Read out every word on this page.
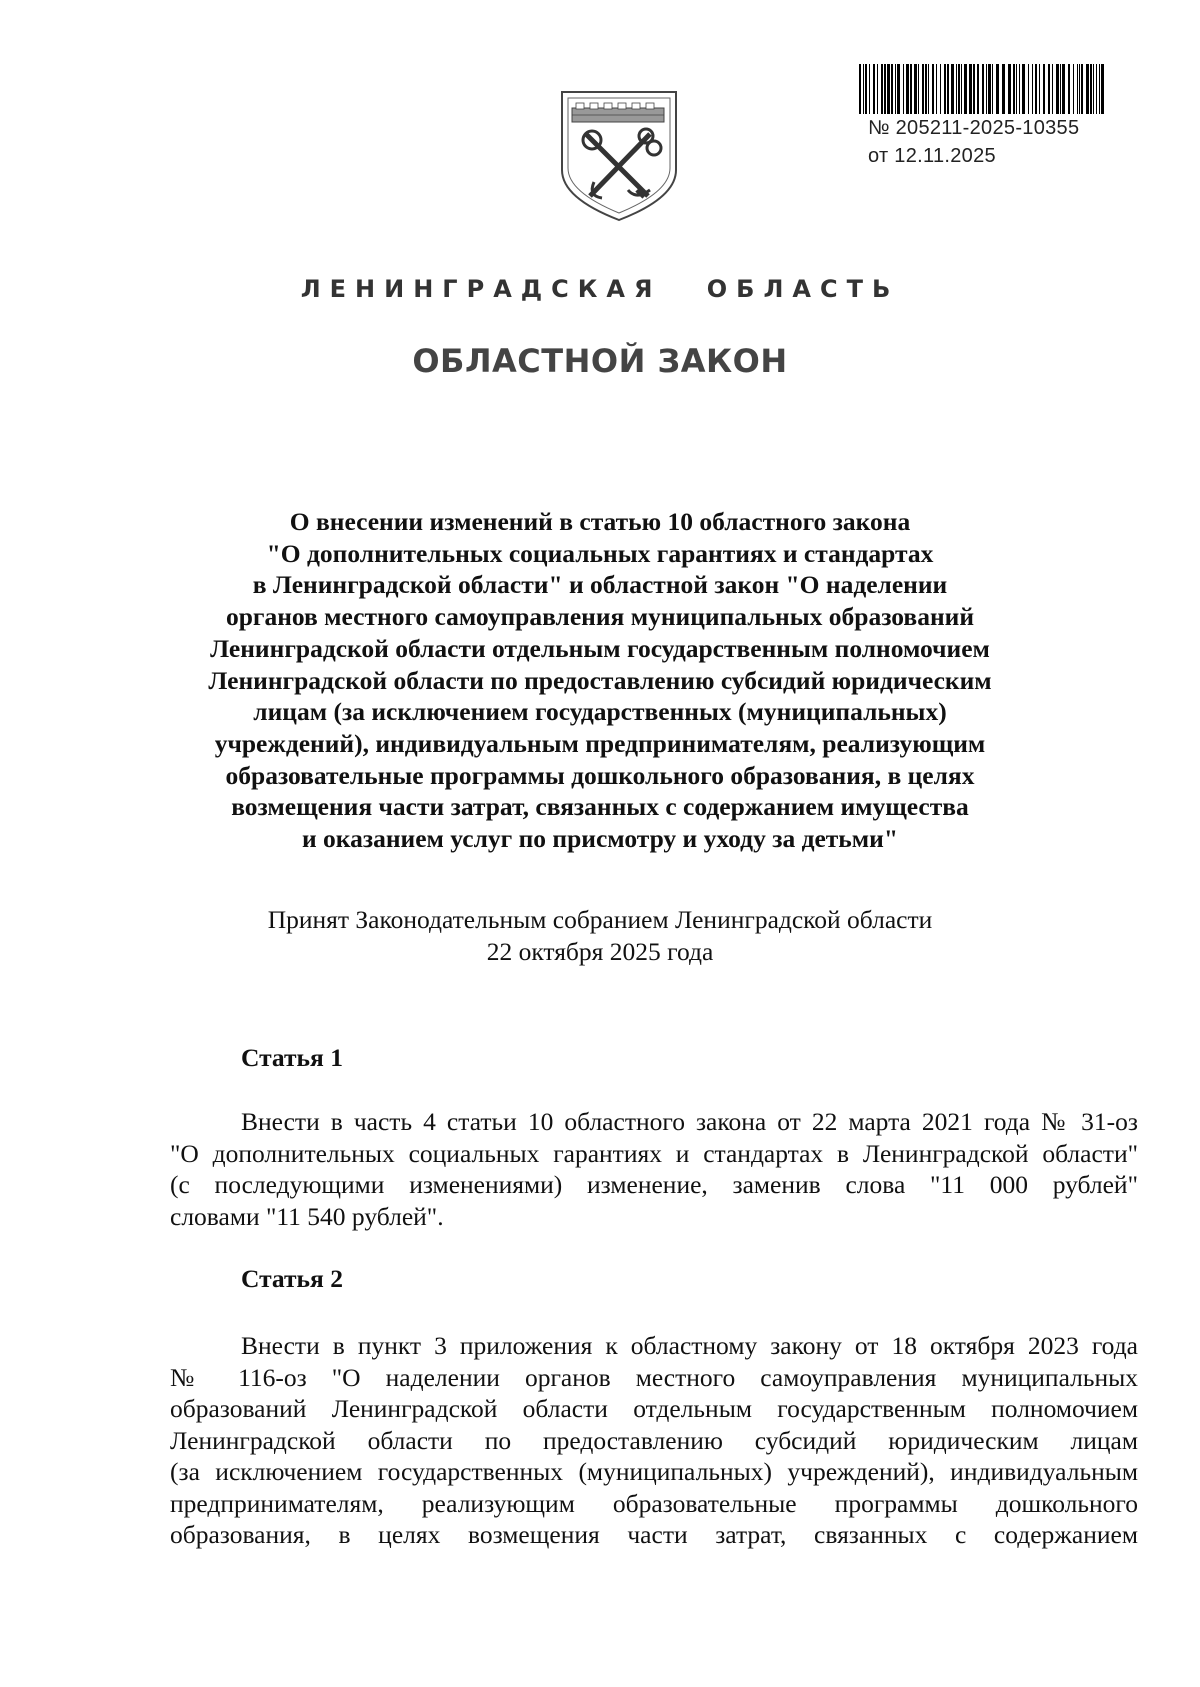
№ 205211-2025-10355
от 12.11.2025
ЛЕНИНГРАДСКАЯ ОБЛАСТЬ
ОБЛАСТНОЙ ЗАКОН
О внесении изменений в статью 10 областного закона
"О дополнительных социальных гарантиях и стандартах
в Ленинградской области" и областной закон "О наделении
органов местного самоуправления муниципальных образований
Ленинградской области отдельным государственным полномочием
Ленинградской области по предоставлению субсидий юридическим
лицам (за исключением государственных (муниципальных)
учреждений), индивидуальным предпринимателям, реализующим
образовательные программы дошкольного образования, в целях
возмещения части затрат, связанных с содержанием имущества
и оказанием услуг по присмотру и уходу за детьми"
Принят Законодательным собранием Ленинградской области
22 октября 2025 года
Статья 1
Внести в часть 4 статьи 10 областного закона от 22 марта 2021 года № 31-оз
"О дополнительных социальных гарантиях и стандартах в Ленинградской области"
(с последующими изменениями) изменение, заменив слова "11 000 рублей"
словами "11 540 рублей".
Статья 2
Внести в пункт 3 приложения к областному закону от 18 октября 2023 года
№ 116-оз "О наделении органов местного самоуправления муниципальных
образований Ленинградской области отдельным государственным полномочием
Ленинградской области по предоставлению субсидий юридическим лицам
(за исключением государственных (муниципальных) учреждений), индивидуальным
предпринимателям, реализующим образовательные программы дошкольного
образования, в целях возмещения части затрат, связанных с содержанием
